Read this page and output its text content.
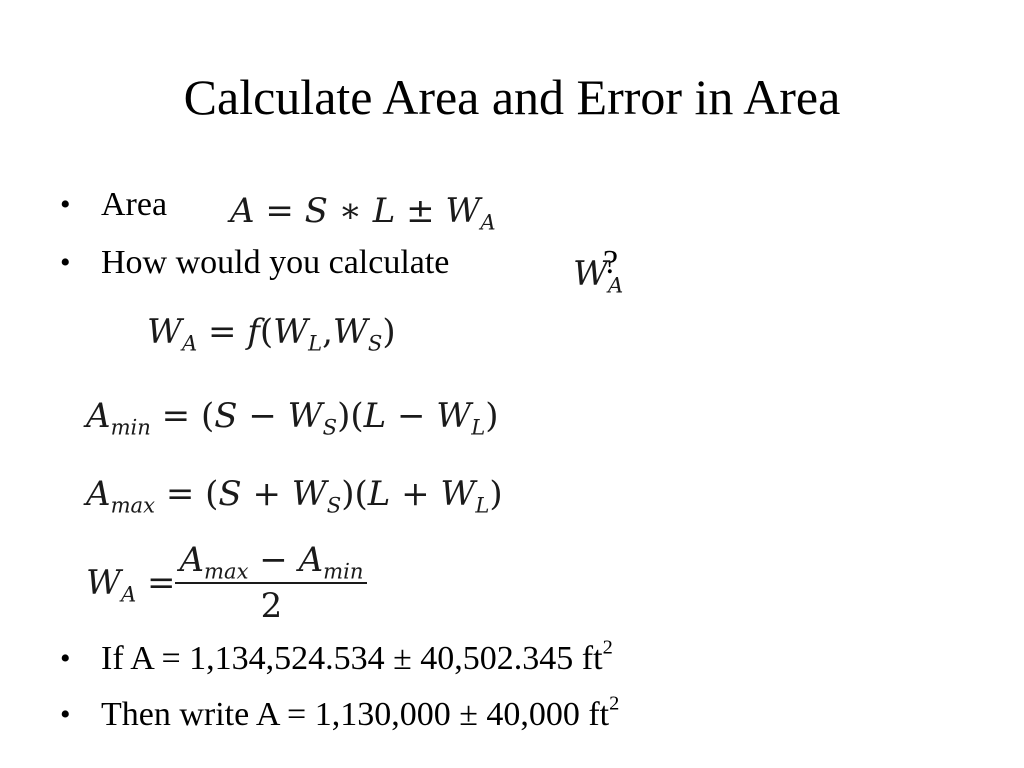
Calculate Area and Error in Area
• Area A = S ∗ $L \pm W_A$
• How would you calculate	?
$W_A$
$W_A = f(W_L,W_S)$
$A_{min} = (S - W_S)(L - W_L)$
$A_{max} = (S + W_S)(L + W_L)$
$W_A = \frac{A_{max} - A_{min}}{2}$
• If A = 1,134,524.534 ± 40,502.345 $ft^2$
• Then write A = 1,130,000 ± 40,000 $ft^2$
